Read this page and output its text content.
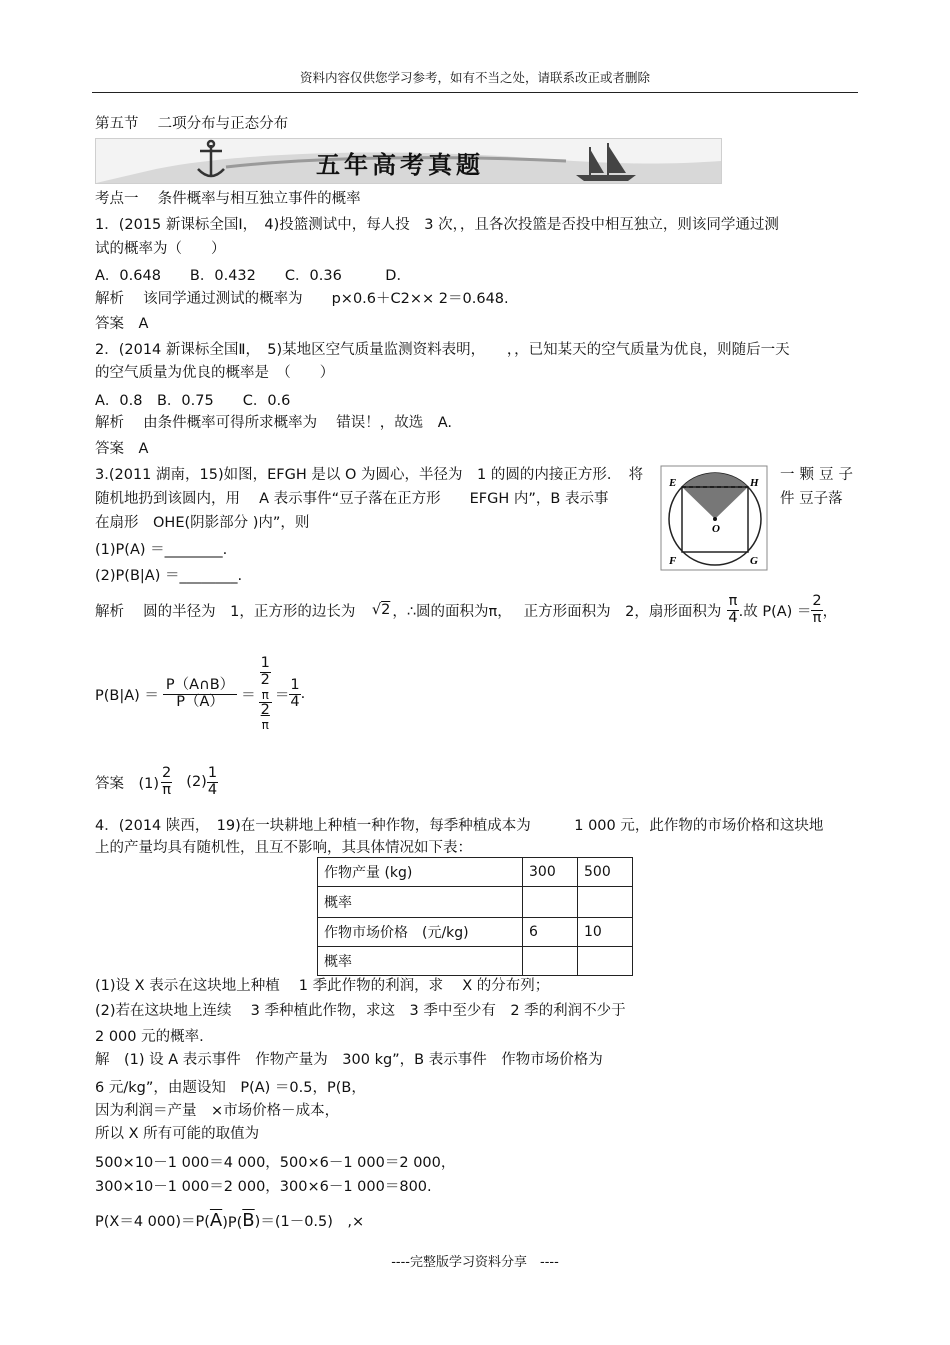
资料内容仅供您学习参考，如有不当之处，请联系改正或者删除
第五节　 二项分布与正态分布
五年高考真题
考点一　 条件概率与相互独立事件的概率
1．(2015 新课标全国Ⅰ，　4)投篮测试中，每人投　3 次，，且各次投篮是否投中相互独立，则该同学通过测
试的概率为（　　）
A．0.648　　B．0.432　　C．0.36　　　D．
解析　 该同学通过测试的概率为　　p×0.6＋C2×× 2＝0.648.
答案　A
2．(2014 新课标全国Ⅱ，　5)某地区空气质量监测资料表明，　　，，已知某天的空气质量为优良，则随后一天
的空气质量为优良的概率是　（　　）
A．0.8　B．0.75　　C．0.6
解析　 由条件概率可得所求概率为　 错误！，故选　A.
答案　A
3.(2011 湖南，15)如图，EFGH 是以 O 为圆心，半径为　1 的圆的内接正方形．　将	一颗豆子
随机地扔到该圆内，用　 A 表示事件“豆子落在正方形　　EFGH 内”，B 表示事	件 豆子落
在扇形　OHE(阴影部分 )内”，则
(1)P(A) ＝________.
(2)P(B|A) ＝________.
E	H
O
F	G
解析　 圆的半径为　1，正方形的边长为　 √2 ，∴圆的面积为π，　 正方形面积为　2，扇形面积为 $\frac{\pi}{4}$ .故 $P(A) = \frac{2}{\pi}$ ，
$P(B|A) = \frac{P(A\cap B)}{P(A)} = \frac{1}{2}$
π
2
$\pi = \frac{1}{4}$ .
答案　$(1) \frac{2}{\pi} (2) \frac{1}{4}$
4．(2014 陕西，　19)在一块耕地上种植一种作物，每季种植成本为　　　1 000 元，此作物的市场价格和这块地
上的产量均具有随机性，且互不影响，其具体情况如下表：
作物产量 (kg)	300	500
概率		
作物市场价格　(元/kg)	6	10
概率		
(1)设 X 表示在这块地上种植　 1 季此作物的利润，求　 X 的分布列；
(2)若在这块地上连续　 3 季种植此作物，求这　3 季中至少有　2 季的利润不少于
2 000 元的概率.
解　(1) 设 A 表示事件　作物产量为　300 kg”，B 表示事件　作物市场价格为
6 元/kg”，由题设知　P(A) ＝0.5，P(B，
因为利润＝产量　×市场价格－成本，
所以 X 所有可能的取值为
500×10－1 000＝4 000，500×6－1 000＝2 000，
300×10－1 000＝2 000，300×6－1 000＝800.
P(X＝4 000)＝P( $\overline{A}$ )P( $\overline{B}$ )＝(1－0.5)　,×
----完整版学习资料分享　----
